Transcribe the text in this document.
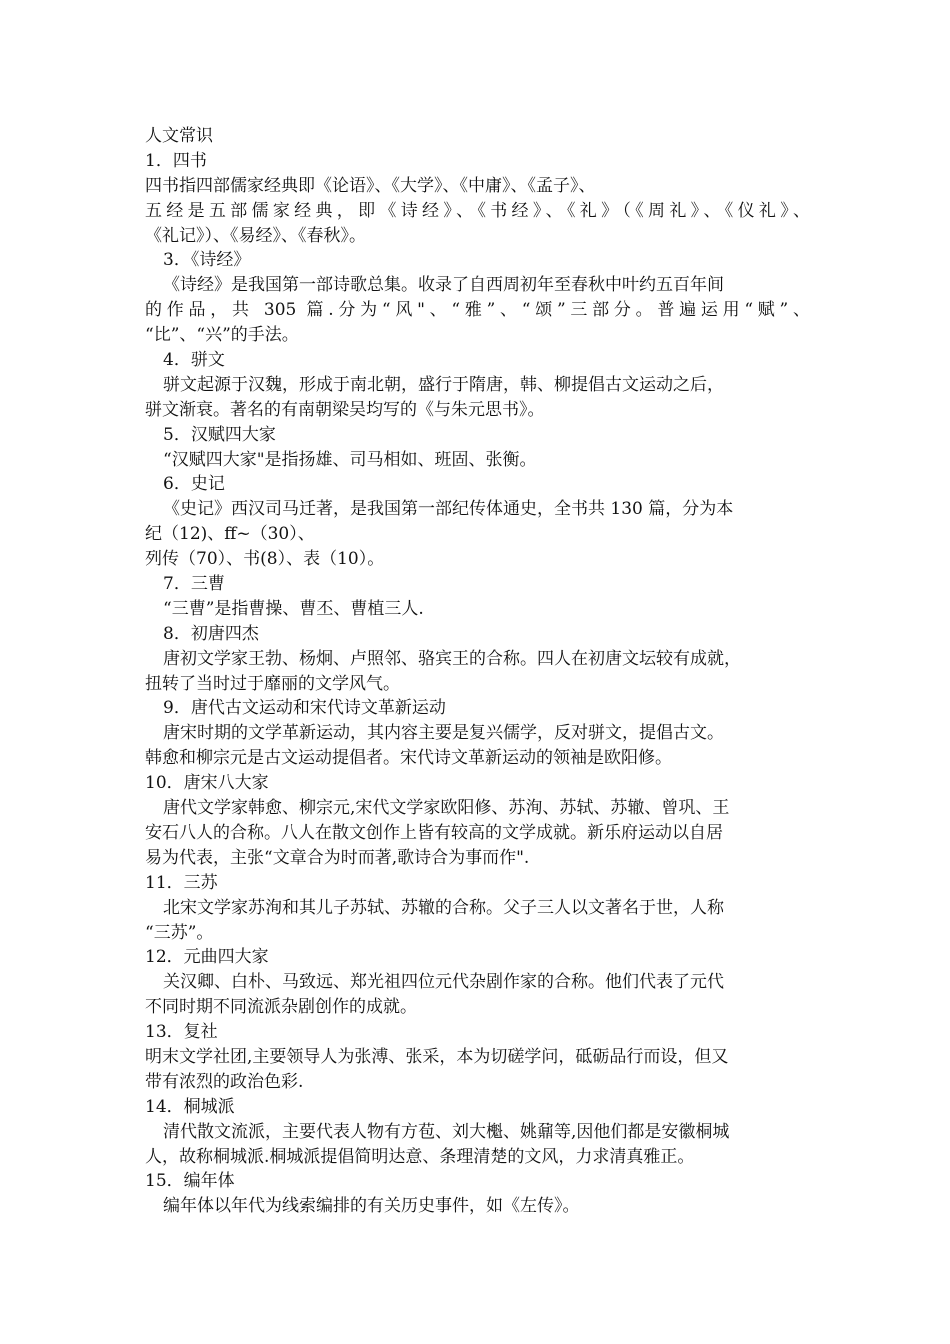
人文常识
1．四书
四书指四部儒家经典即《论语》、《大学》、《中庸》、《孟子》、
五经是五部儒家经典，即《诗经》、《书经》、《礼》（《周礼》、《仪礼》、
《礼记》）、《易经》、《春秋》。
3．《诗经》
《诗经》是我国第一部诗歌总集。收录了自西周初年至春秋中叶约五百年间
的作品，共 305 篇.分为“风"、“雅”、“颂”三部分。普遍运用“赋”、
“比”、“兴”的手法。
4．骈文
骈文起源于汉魏，形成于南北朝，盛行于隋唐，韩、柳提倡古文运动之后，
骈文渐衰。著名的有南朝梁吴均写的《与朱元思书》。
5．汉赋四大家
“汉赋四大家"是指扬雄、司马相如、班固、张衡。
6．史记
《史记》西汉司马迁著，是我国第一部纪传体通史，全书共 130 篇，分为本
纪（12)、ff~（30）、
列传（70）、书(8）、表（10）。
7．三曹
“三曹”是指曹操、曹丕、曹植三人.
8．初唐四杰
唐初文学家王勃、杨炯、卢照邻、骆宾王的合称。四人在初唐文坛较有成就，
扭转了当时过于靡丽的文学风气。
9．唐代古文运动和宋代诗文革新运动
唐宋时期的文学革新运动，其内容主要是复兴儒学，反对骈文，提倡古文。
韩愈和柳宗元是古文运动提倡者。宋代诗文革新运动的领袖是欧阳修。
10．唐宋八大家
唐代文学家韩愈、柳宗元,宋代文学家欧阳修、苏洵、苏轼、苏辙、曾巩、王
安石八人的合称。八人在散文创作上皆有较高的文学成就。新乐府运动以自居
易为代表，主张“文章合为时而著,歌诗合为事而作".
11．三苏
北宋文学家苏洵和其儿子苏轼、苏辙的合称。父子三人以文著名于世，人称
“三苏”。
12．元曲四大家
关汉卿、白朴、马致远、郑光祖四位元代杂剧作家的合称。他们代表了元代
不同时期不同流派杂剧创作的成就。
13．复社
明末文学社团,主要领导人为张溥、张采，本为切磋学问，砥砺品行而设，但又
带有浓烈的政治色彩.
14．桐城派
清代散文流派，主要代表人物有方苞、刘大櫆、姚鼐等,因他们都是安徽桐城
人，故称桐城派.桐城派提倡简明达意、条理清楚的文风，力求清真雅正。
15．编年体
编年体以年代为线索编排的有关历史事件，如《左传》。
